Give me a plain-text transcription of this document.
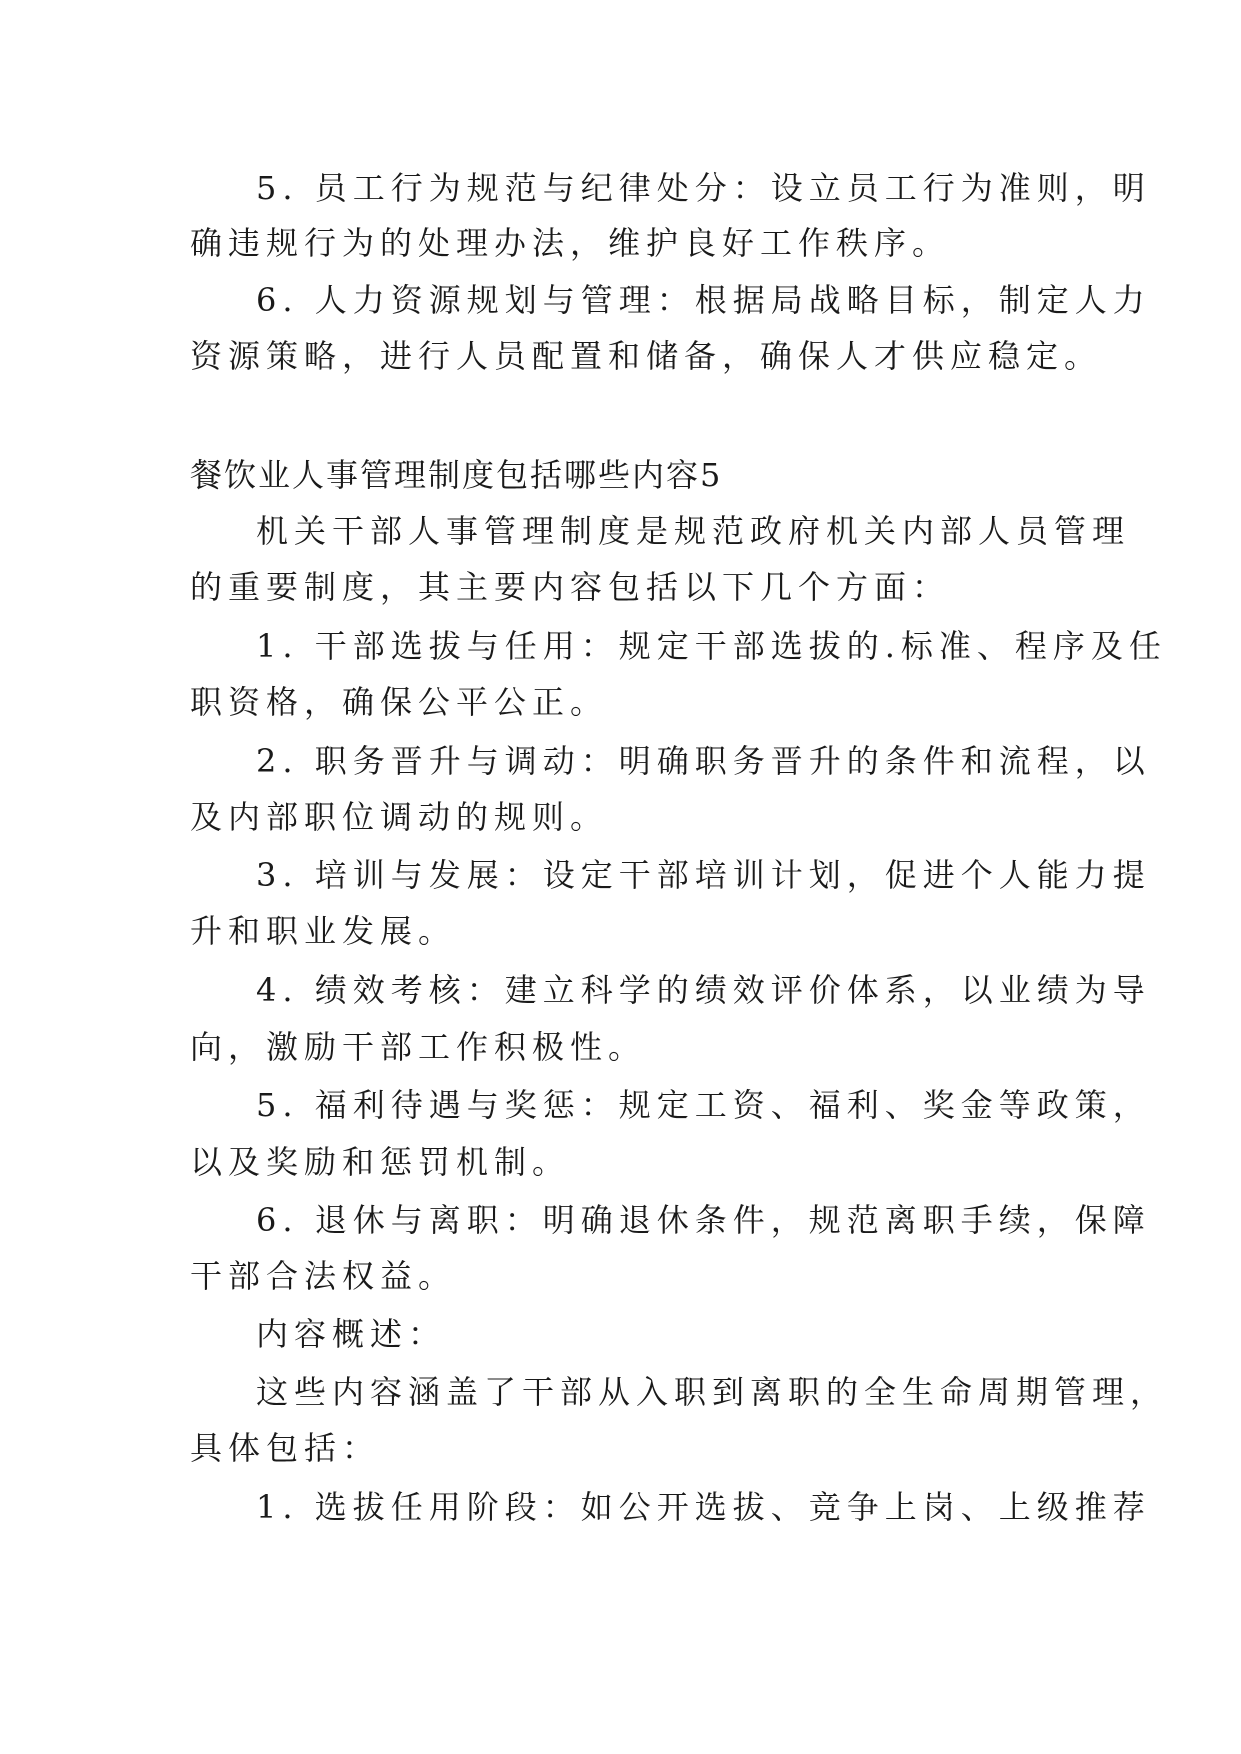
5. 员工行为规范与纪律处分：设立员工行为准则，明
确违规行为的处理办法，维护良好工作秩序。
6. 人力资源规划与管理：根据局战略目标，制定人力
资源策略，进行人员配置和储备，确保人才供应稳定。
餐饮业人事管理制度包括哪些内容5
机关干部人事管理制度是规范政府机关内部人员管理
的重要制度，其主要内容包括以下几个方面：
1. 干部选拔与任用：规定干部选拔的.标准、程序及任
职资格，确保公平公正。
2. 职务晋升与调动：明确职务晋升的条件和流程，以
及内部职位调动的规则。
3. 培训与发展：设定干部培训计划，促进个人能力提
升和职业发展。
4. 绩效考核：建立科学的绩效评价体系，以业绩为导
向，激励干部工作积极性。
5. 福利待遇与奖惩：规定工资、福利、奖金等政策，
以及奖励和惩罚机制。
6. 退休与离职：明确退休条件，规范离职手续，保障
干部合法权益。
内容概述：
这些内容涵盖了干部从入职到离职的全生命周期管理，
具体包括：
1. 选拔任用阶段：如公开选拔、竞争上岗、上级推荐
